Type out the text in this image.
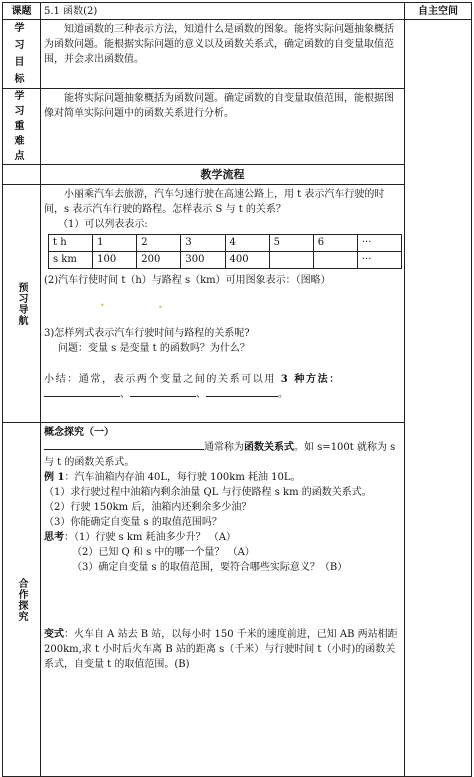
课题	5.1 函数(2)	自主空间

学习目标
	知道函数的三种表示方法，知道什么是函数的图象。能将实际问题抽象概括为函数问题。能根据实际问题的意义以及函数关系式，确定函数的自变量取值范围，并会求出函数值。	

学习重难点
	能将实际问题抽象概括为函数问题。确定函数的自变量取值范围，能根据图像对简单实际问题中的函数关系进行分析。
	教学流程

预习导航

小丽乘汽车去旅游，汽车匀速行驶在高速公路上，用 t 表示汽车行驶的时间，s 表示汽车行驶的路程。怎样表示 S 与 t 的关系？
（1）可以列表表示:
t h	1	2	3	4	5	6	···
s km	100	200	300	400			···
(2)汽车行使时间 t（h）与路程 s（km）可用图象表示：（图略）
•	•
3)怎样列式表示汽车行驶时间与路程的关系呢?
问题：变量 s 是变量 t 的函数吗？为什么？
小结：通常，表示两个变量之间的关系可以用 3 种方法：
、	、	。

合作探究

概念探究（一）
通常称为函数关系式。如 s=100t 就称为 s 与 t 的函数关系式。
例 1：汽车油箱内存油 40L，每行驶 100km 耗油 10L。
（1）求行驶过程中油箱内剩余油量 QL 与行使路程 s km 的函数关系式。
（2）行驶 150km 后，油箱内还剩余多少油？
（3）你能确定自变量 s 的取值范围吗？
思考：（1）行驶 s km 耗油多少升？ （A）
（2）已知 Q 和 s 中的哪一个量？ （A）
（3）确定自变量 s 的取值范围，要符合哪些实际意义？（B）
变式：火车自 A 站去 B 站，以每小时 150 千米的速度前进，已知 AB 两站相距 200km,求 t 小时后火车离 B 站的距离 s（千米）与行驶时间 t（小时)的函数关系式，自变量 t 的取值范围。(B)
